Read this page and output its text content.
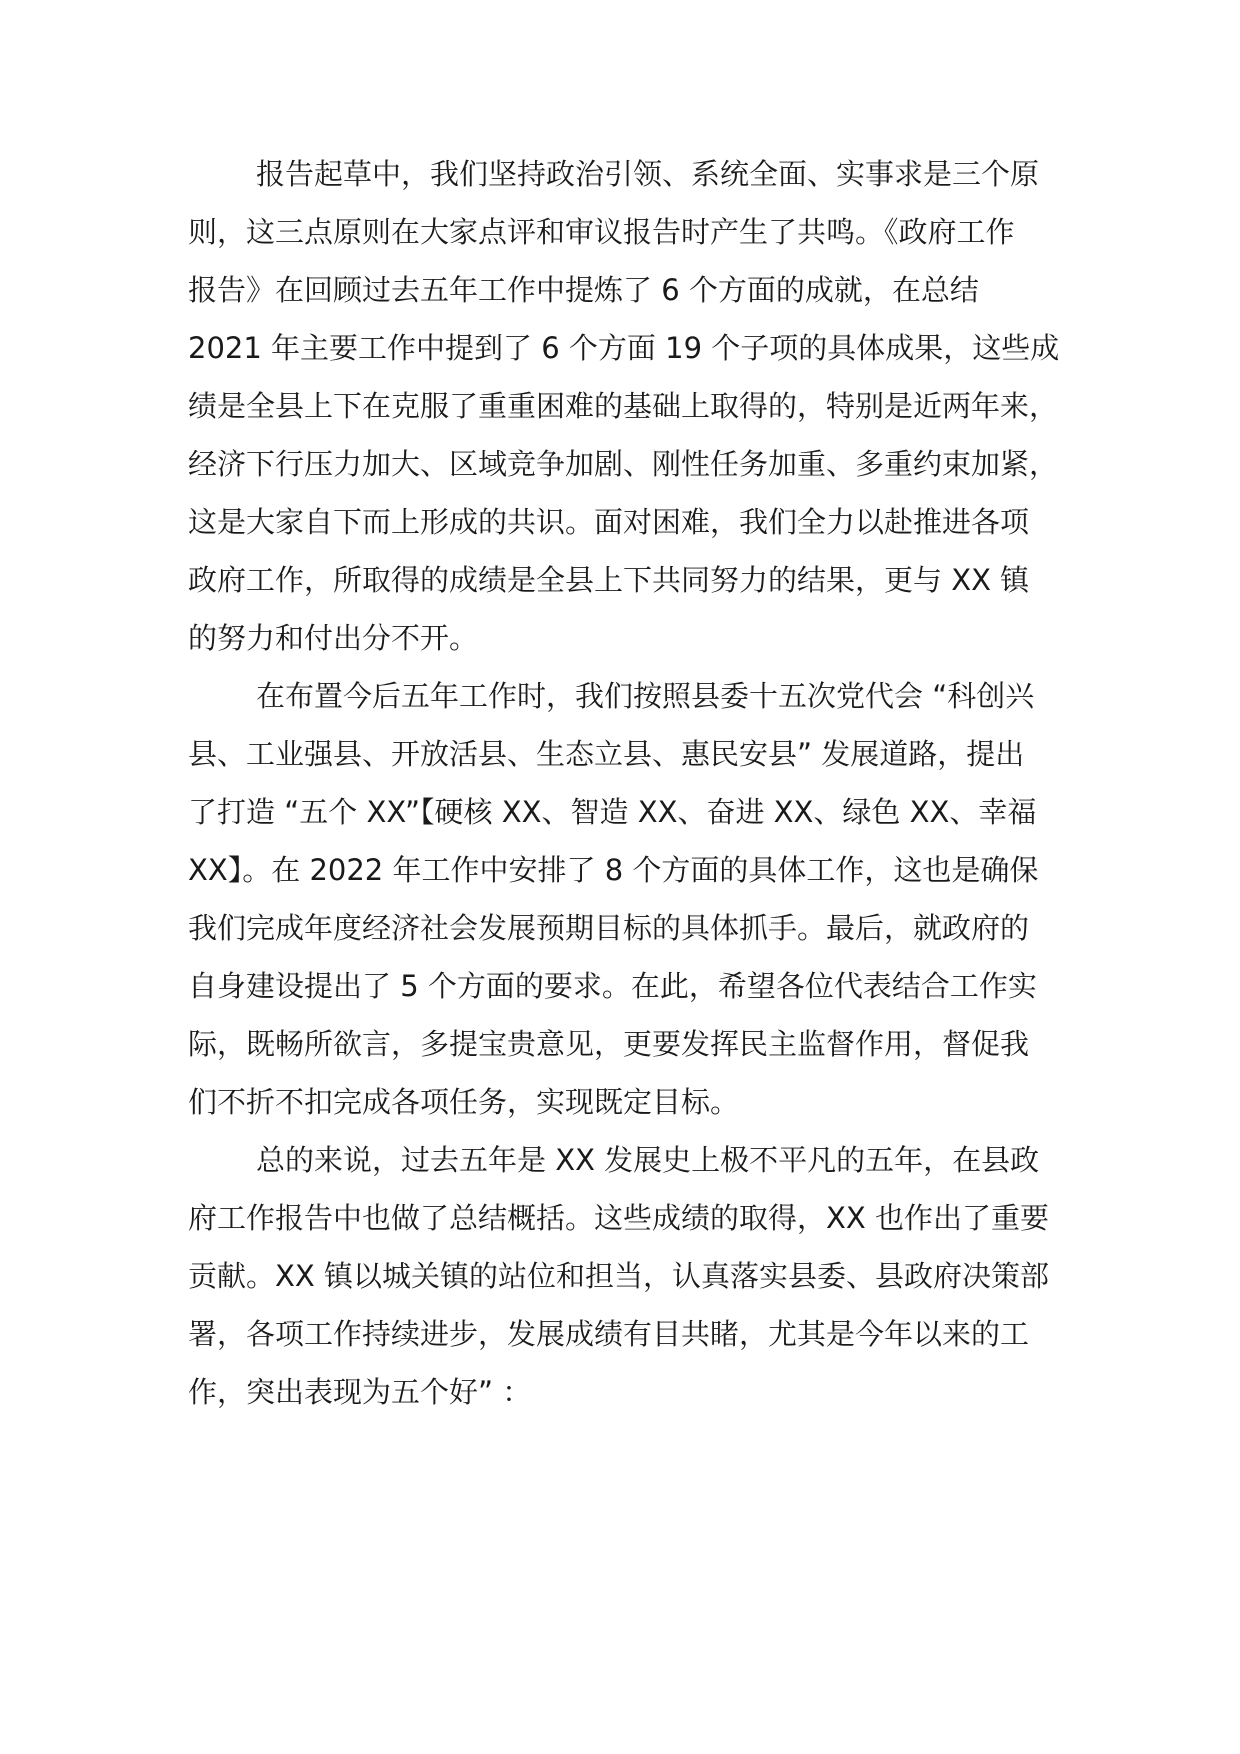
报告起草中，我们坚持政治引领、系统全面、实事求是三个原
则，这三点原则在大家点评和审议报告时产生了共鸣。《政府工作
报告》在回顾过去五年工作中提炼了 6 个方面的成就，在总结
2021 年主要工作中提到了 6 个方面 19 个子项的具体成果，这些成
绩是全县上下在克服了重重困难的基础上取得的，特别是近两年来，
经济下行压力加大、区域竞争加剧、刚性任务加重、多重约束加紧，
这是大家自下而上形成的共识。面对困难，我们全力以赴推进各项
政府工作，所取得的成绩是全县上下共同努力的结果，更与 XX 镇
的努力和付出分不开。
在布置今后五年工作时，我们按照县委十五次党代会 “科创兴
县、工业强县、开放活县、生态立县、惠民安县” 发展道路，提出
了打造 “五个 XX”【硬核 XX、智造 XX、奋进 XX、绿色 XX、幸福
XX】。在 2022 年工作中安排了 8 个方面的具体工作，这也是确保
我们完成年度经济社会发展预期目标的具体抓手。最后，就政府的
自身建设提出了 5 个方面的要求。在此，希望各位代表结合工作实
际，既畅所欲言，多提宝贵意见，更要发挥民主监督作用，督促我
们不折不扣完成各项任务，实现既定目标。
总的来说，过去五年是 XX 发展史上极不平凡的五年，在县政
府工作报告中也做了总结概括。这些成绩的取得，XX 也作出了重要
贡献。XX 镇以城关镇的站位和担当，认真落实县委、县政府决策部
署，各项工作持续进步，发展成绩有目共睹，尤其是今年以来的工
作，突出表现为五个好” ：
